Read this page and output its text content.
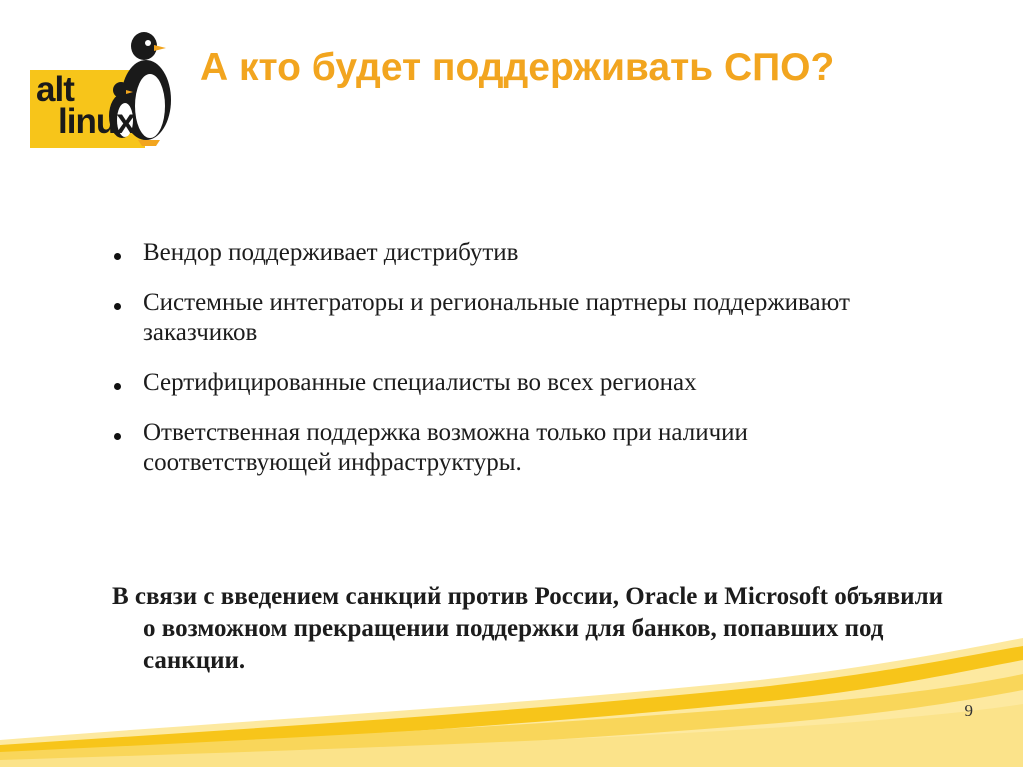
alt
linux
А кто будет поддерживать СПО?
Вендор поддерживает дистрибутив
Системные интеграторы и региональные партнеры поддерживают заказчиков
Сертифицированные специалисты во всех регионах
Ответственная поддержка возможна только при наличии соответствующей инфраструктуры.

В связи с введением санкций против России, Oracle и Microsoft объявили о возможном прекращении поддержки для банков, попавших под санкции.

9
